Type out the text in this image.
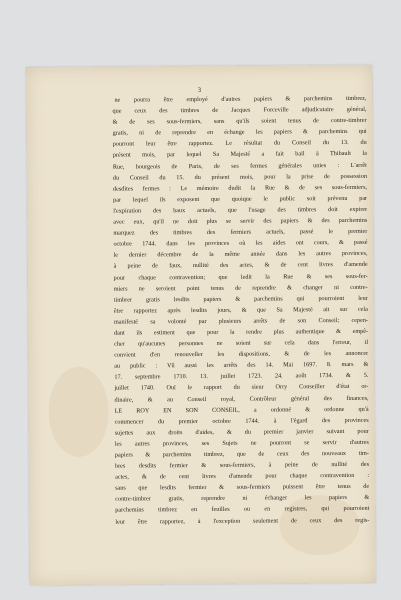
3
ne pourra être employé d'autres papiers & parchemins timbrez,
que ceux des timbres de Jacques Forceville adjudicataire général,
& de ses sous-fermiers, sans qu'ils soient tenus de contre-timbrer
gratis, ni de reprendre en échange les papiers & parchemins qui
pourront leur être rapportez. Le résultat du Conseil du 13. du
présent mois, par lequel Sa Majesté a fait bail à Thibault la
Rue, bourgeois de Paris, de ses fermes générales unies : L'arrêt
du Conseil du 15. du présent mois, pour la prise de possession
desdites fermes : Le mémoire dudit la Rue & de ses sous-fermiers,
par lequel ils exposent que quoique le public soit prévenu par
l'expiration des baux actuels, que l'usage des timbres doit expirer
avec eux, qu'il ne doit plus se servir des papiers & des parchemins
marquez des timbres des fermiers actuels, passé le premier
octobre 1744. dans les provinces où les aides ont cours, & passé
le dernier décembre de la même année dans les autres provinces,
à peine de faux, nullité des actes, & de cent livres d'amende
pour chaque contravention; que ledit la Rue & ses sous-fer-
miers ne seroient point tenus de reprendre & changer ni contre-
timbrer gratis lesdits papiers & parchemins qui pourroient leur
être rapportez après lesdits jours, & que Sa Majesté ait sur cela
manifesté sa volonté par plusieurs arrêts de son Conseil; cepen-
dant ils estiment que pour la rendre plus authentique & empê-
cher qu'aucunes personnes ne soient sur cela dans l'erreur, il
convient d'en renouveller les dispositions, & de les annoncer
au public : Vû aussi les arrêts des 14. Mai 1697. 8. mars &
17. septembre 1710. 13. juillet 1723. 24. août 1734. & 5.
juillet 1740. Ouï le rapport du sieur Orry Conseiller d'état or-
dinaire, & au Conseil royal, Contrôleur général des finances,
LE ROY EN SON CONSEIL, a ordonné & ordonne qu'à
commencer du premier octobre 1744. à l'égard des provinces
sujettes aux droits d'aides, & du premier janvier suivant pour
les autres provinces, ses Sujets ne pourront se servir d'autres
papiers & parchemins timbrez, que de ceux des nouveaux tim-
bres desdits fermier & sous-fermiers, à peine de nullité des
actes, & de cent livres d'amende pour chaque contravention :
sans que lesdits fermier & sous-fermiers puissent être tenus de
contre-timbrer gratis, reprendre ni échanger les papiers &
parchemins timbrez en feuilles ou en registres, qui pourroient
leur être rapportez, à l'exception seulement de ceux des regis-
